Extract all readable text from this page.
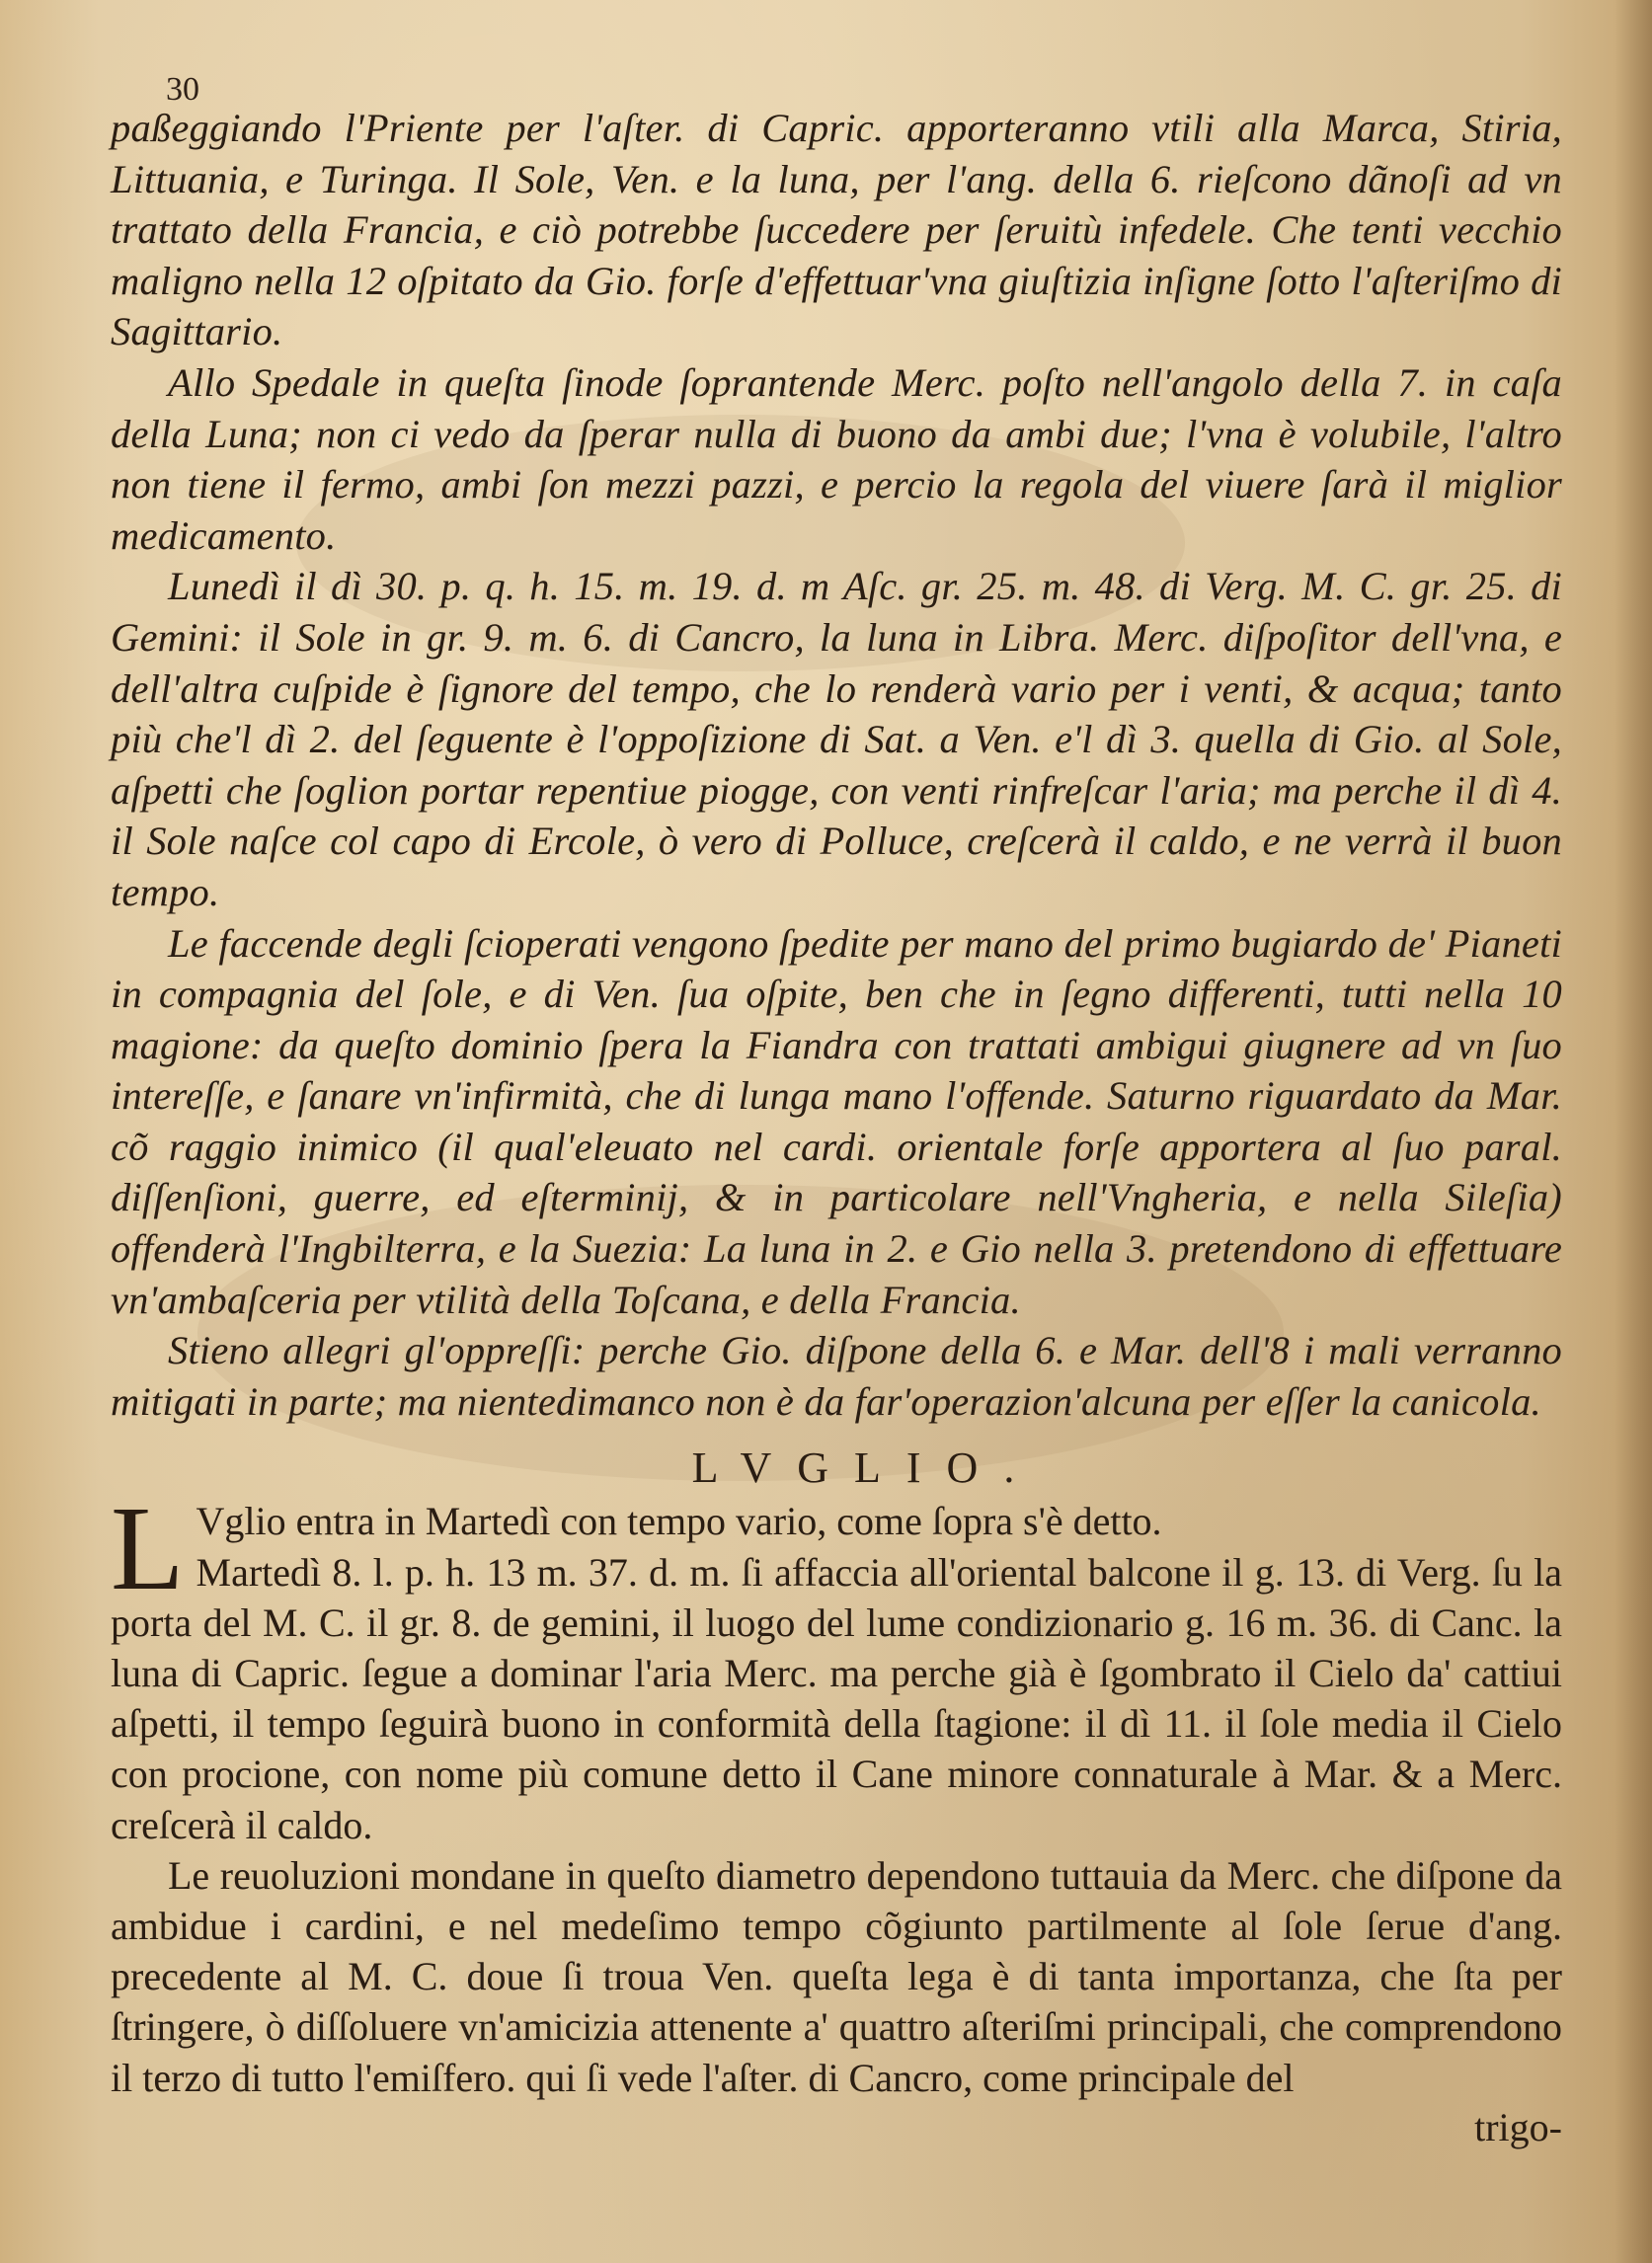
30

paßeggiando l'Priente per l'aſter. di Capric. apporteranno vtili alla Marca, Stiria, Littuania, e Turinga. Il Sole, Ven. e la luna, per l'ang. della 6. rieſcono dãnoſi ad vn trattato della Francia, e ciò potrebbe ſuccedere per ſeruitù infedele. Che tenti vecchio maligno nella 12 oſpitato da Gio. forſe d'effettuar'vna giuſtizia inſigne ſotto l'aſteriſmo di Sagittario.

Allo Spedale in queſta ſinode ſoprantende Merc. poſto nell'angolo della 7. in caſa della Luna; non ci vedo da ſperar nulla di buono da ambi due; l'vna è volubile, l'altro non tiene il fermo, ambi ſon mezzi pazzi, e percio la regola del viuere ſarà il miglior medicamento.

Lunedì il dì 30. p. q. h. 15. m. 19. d. m Aſc. gr. 25. m. 48. di Verg. M. C. gr. 25. di Gemini: il Sole in gr. 9. m. 6. di Cancro, la luna in Libra. Merc. diſpoſitor dell'vna, e dell'altra cuſpide è ſignore del tempo, che lo renderà vario per i venti, & acqua; tanto più che'l dì 2. del ſeguente è l'oppoſizione di Sat. a Ven. e'l dì 3. quella di Gio. al Sole, aſpetti che ſoglion portar repentiue piogge, con venti rinfreſcar l'aria; ma perche il dì 4. il Sole naſce col capo di Ercole, ò vero di Polluce, creſcerà il caldo, e ne verrà il buon tempo.

Le faccende degli ſcioperati vengono ſpedite per mano del primo bugiardo de' Pianeti in compagnia del ſole, e di Ven. ſua oſpite, ben che in ſegno differenti, tutti nella 10 magione: da queſto dominio ſpera la Fiandra con trattati ambigui giugnere ad vn ſuo intereſſe, e ſanare vn'infirmità, che di lunga mano l'offende. Saturno riguardato da Mar. cõ raggio inimico (il qual'eleuato nel cardi. orientale forſe apportera al ſuo paral. diſſenſioni, guerre, ed eſterminij, & in particolare nell'Vngheria, e nella Sileſia) offenderà l'Ingbilterra, e la Suezia: La luna in 2. e Gio nella 3. pretendono di effettuare vn'ambaſceria per vtilità della Toſcana, e della Francia.

Stieno allegri gl'oppreſſi: perche Gio. diſpone della 6. e Mar. dell'8 i mali verranno mitigati in parte; ma nientedimanco non è da far'operazion'alcuna per eſſer la canicola.

LVGLIO.
L Vglio entra in Martedì con tempo vario, come ſopra s'è detto.

Martedì 8. l. p. h. 13 m. 37. d. m. ſi affaccia all'oriental balcone il g. 13. di Verg. ſu la porta del M. C. il gr. 8. de gemini, il luogo del lume condizionario g. 16 m. 36. di Canc. la luna di Capric. ſegue a dominar l'aria Merc. ma perche già è ſgombrato il Cielo da' cattiui aſpetti, il tempo ſeguirà buono in conformità della ſtagione: il dì 11. il ſole media il Cielo con procione, con nome più comune detto il Cane minore connaturale à Mar. & a Merc. creſcerà il caldo.

Le reuoluzioni mondane in queſto diametro dependono tuttauia da Merc. che diſpone da ambidue i cardini, e nel medeſimo tempo cõgiunto partilmente al ſole ſerue d'ang. precedente al M. C. doue ſi troua Ven. queſta lega è di tanta importanza, che ſta per ſtringere, ò diſſoluere vn'amicizia attenente a' quattro aſteriſmi principali, che comprendono il terzo di tutto l'emiſfero. qui ſi vede l'aſter. di Cancro, come principale del

trigo-
